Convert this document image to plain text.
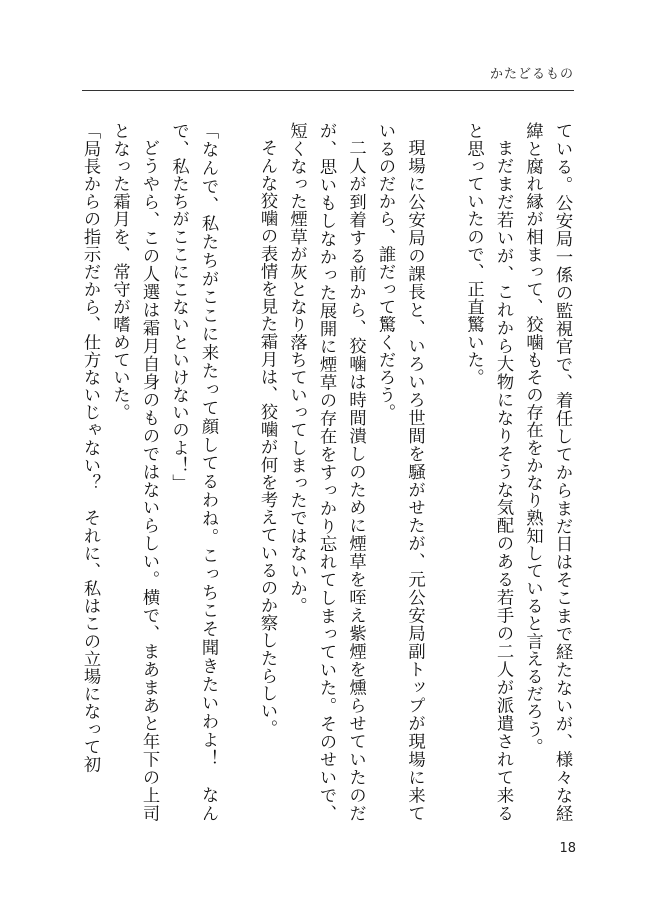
かたどるもの

ている。公安局一係の監視官で、着任してからまだ日はそこまで経たないが、様々な経緯と腐れ縁が相まって、狡噛もその存在をかなり熟知していると言えるだろう。

まだまだ若いが、これから大物になりそうな気配のある若手の二人が派遣されて来ると思っていたので、正直驚いた。

現場に公安局の課長と、いろいろ世間を騒がせたが、元公安局副トップが現場に来ているのだから、誰だって驚くだろう。

二人が到着する前から、狡噛は時間潰しのために煙草を咥え紫煙を燻らせていたのだが、思いもしなかった展開に煙草の存在をすっかり忘れてしまっていた。そのせいで、短くなった煙草が灰となり落ちていってしまったではないか。

そんな狡噛の表情を見た霜月は、狡噛が何を考えているのか察したらしい。

「なんで、私たちがここに来たって顔してるわね。こっちこそ聞きたいわよ！　なんで、私たちがここにこないといけないのよ！」

どうやら、この人選は霜月自身のものではないらしい。横で、まあまあと年下の上司となった霜月を、常守が嗜めていた。

「局長からの指示だから、仕方ないじゃない？　それに、私はこの立場になって初

18
